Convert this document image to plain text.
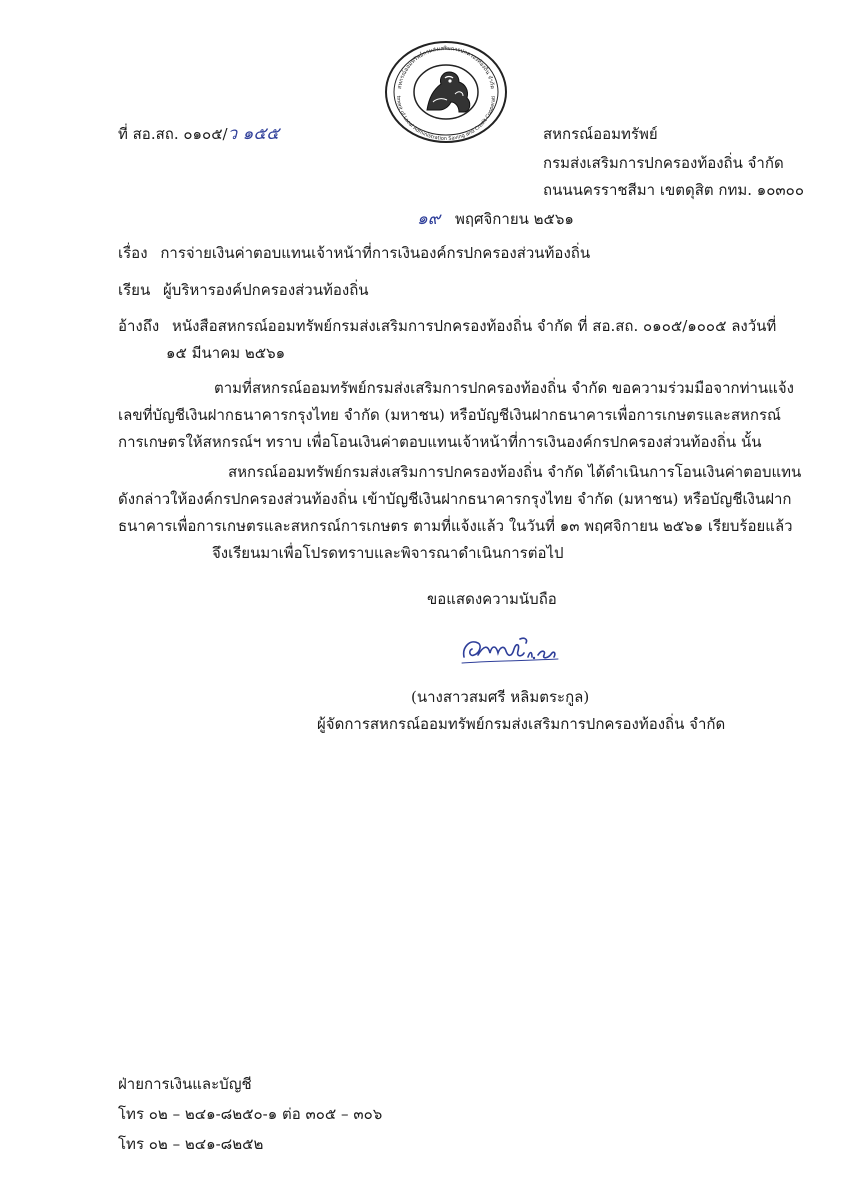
สหกรณ์ออมทรัพย์กรมส่งเสริมการปกครองท้องถิ่น จำกัด
tment of Local Administration Saving and Credit Cooperati
ที่ สอ.สถ. ๐๑๐๕/ว ๑๕๕	สหกรณ์ออมทรัพย์
กรมส่งเสริมการปกครองท้องถิ่น จำกัด
ถนนนครราชสีมา เขตดุสิต กทม. ๑๐๓๐๐
๑๙ พฤศจิกายน ๒๕๖๑
เรื่อง การจ่ายเงินค่าตอบแทนเจ้าหน้าที่การเงินองค์กรปกครองส่วนท้องถิ่น
เรียน ผู้บริหารองค์ปกครองส่วนท้องถิ่น
อ้างถึง หนังสือสหกรณ์ออมทรัพย์กรมส่งเสริมการปกครองท้องถิ่น จำกัด ที่ สอ.สถ. ๐๑๐๕/๑๐๐๕ ลงวันที่
๑๕ มีนาคม ๒๕๖๑
ตามที่สหกรณ์ออมทรัพย์กรมส่งเสริมการปกครองท้องถิ่น จำกัด ขอความร่วมมือจากท่านแจ้ง
เลขที่บัญชีเงินฝากธนาคารกรุงไทย จำกัด (มหาชน) หรือบัญชีเงินฝากธนาคารเพื่อการเกษตรและสหกรณ์
การเกษตรให้สหกรณ์ฯ ทราบ เพื่อโอนเงินค่าตอบแทนเจ้าหน้าที่การเงินองค์กรปกครองส่วนท้องถิ่น นั้น
สหกรณ์ออมทรัพย์กรมส่งเสริมการปกครองท้องถิ่น จำกัด ได้ดำเนินการโอนเงินค่าตอบแทน
ดังกล่าวให้องค์กรปกครองส่วนท้องถิ่น เข้าบัญชีเงินฝากธนาคารกรุงไทย จำกัด (มหาชน) หรือบัญชีเงินฝาก
ธนาคารเพื่อการเกษตรและสหกรณ์การเกษตร ตามที่แจ้งแล้ว ในวันที่ ๑๓ พฤศจิกายน ๒๕๖๑ เรียบร้อยแล้ว
จึงเรียนมาเพื่อโปรดทราบและพิจารณาดำเนินการต่อไป
ขอแสดงความนับถือ
(นางสาวสมศรี หลิมตระกูล)
ผู้จัดการสหกรณ์ออมทรัพย์กรมส่งเสริมการปกครองท้องถิ่น จำกัด
ฝ่ายการเงินและบัญชี
โทร ๐๒ – ๒๔๑-๘๒๕๐-๑ ต่อ ๓๐๕ – ๓๐๖
โทร ๐๒ – ๒๔๑-๘๒๕๒
